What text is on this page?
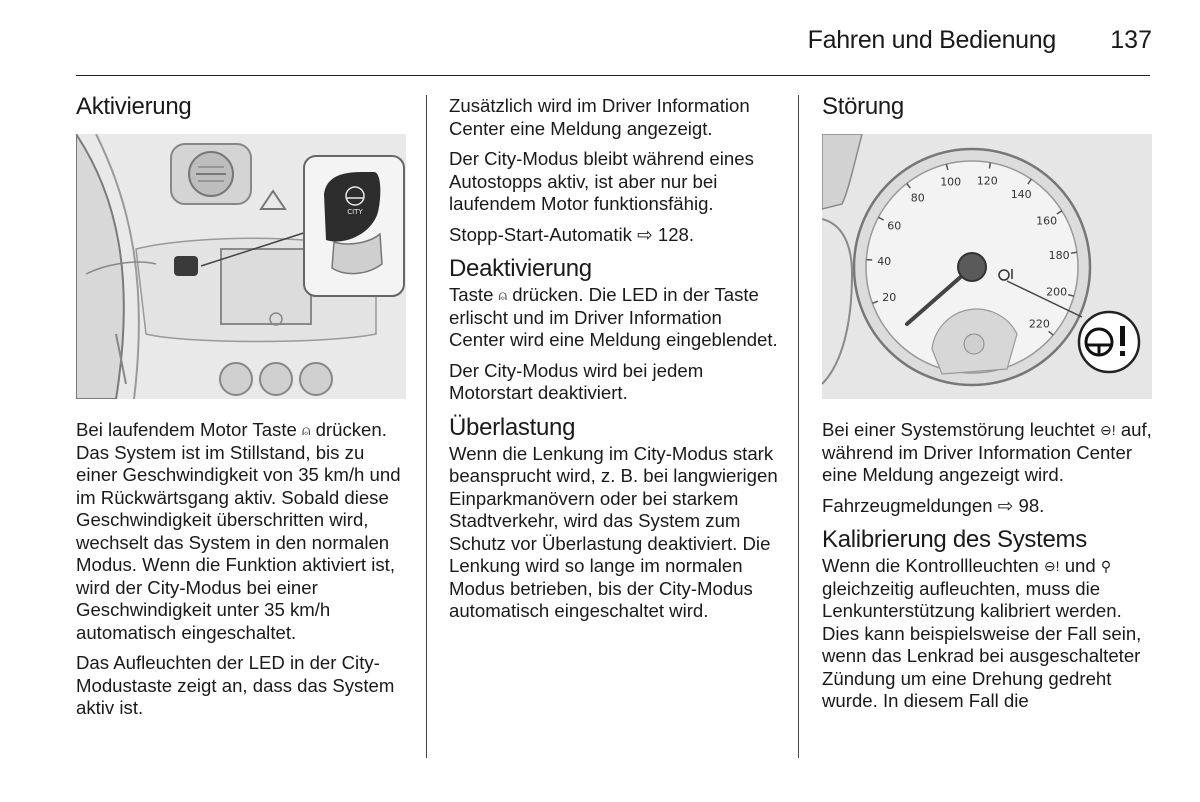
Fahren und Bedienung	137
Aktivierung
CITY

Bei laufendem Motor Taste ⍝ drücken. Das System ist im Stillstand, bis zu einer Geschwindigkeit von 35 km/h und im Rückwärtsgang aktiv. Sobald diese Geschwindigkeit überschritten wird, wechselt das System in den normalen Modus. Wenn die Funktion aktiviert ist, wird der City-Modus bei einer Geschwindigkeit unter 35 km/h automatisch eingeschaltet.

Das Aufleuchten der LED in der City-Modustaste zeigt an, dass das System aktiv ist.

Zusätzlich wird im Driver Information Center eine Meldung angezeigt.

Der City-Modus bleibt während eines Autostopps aktiv, ist aber nur bei laufendem Motor funktionsfähig.

Stopp-Start-Automatik ⇨ 128.

Deaktivierung

Taste ⍝ drücken. Die LED in der Taste erlischt und im Driver Information Center wird eine Meldung eingeblendet.

Der City-Modus wird bei jedem Motorstart deaktiviert.

Überlastung

Wenn die Lenkung im City-Modus stark beansprucht wird, z. B. bei langwierigen Einparkmanövern oder bei starkem Stadtverkehr, wird das System zum Schutz vor Überlastung deaktiviert. Die Lenkung wird so lange im normalen Modus betrieben, bis der City-Modus automatisch eingeschaltet wird.

Störung
20
40
60
80
100 120
140
160
180
200
220

Bei einer Systemstörung leuchtet ⊖! auf, während im Driver Information Center eine Meldung angezeigt wird.

Fahrzeugmeldungen ⇨ 98.

Kalibrierung des Systems

Wenn die Kontrollleuchten ⊖! und ⚲ gleichzeitig aufleuchten, muss die Lenkunterstützung kalibriert werden. Dies kann beispielsweise der Fall sein, wenn das Lenkrad bei ausgeschalteter Zündung um eine Drehung gedreht wurde. In diesem Fall die
